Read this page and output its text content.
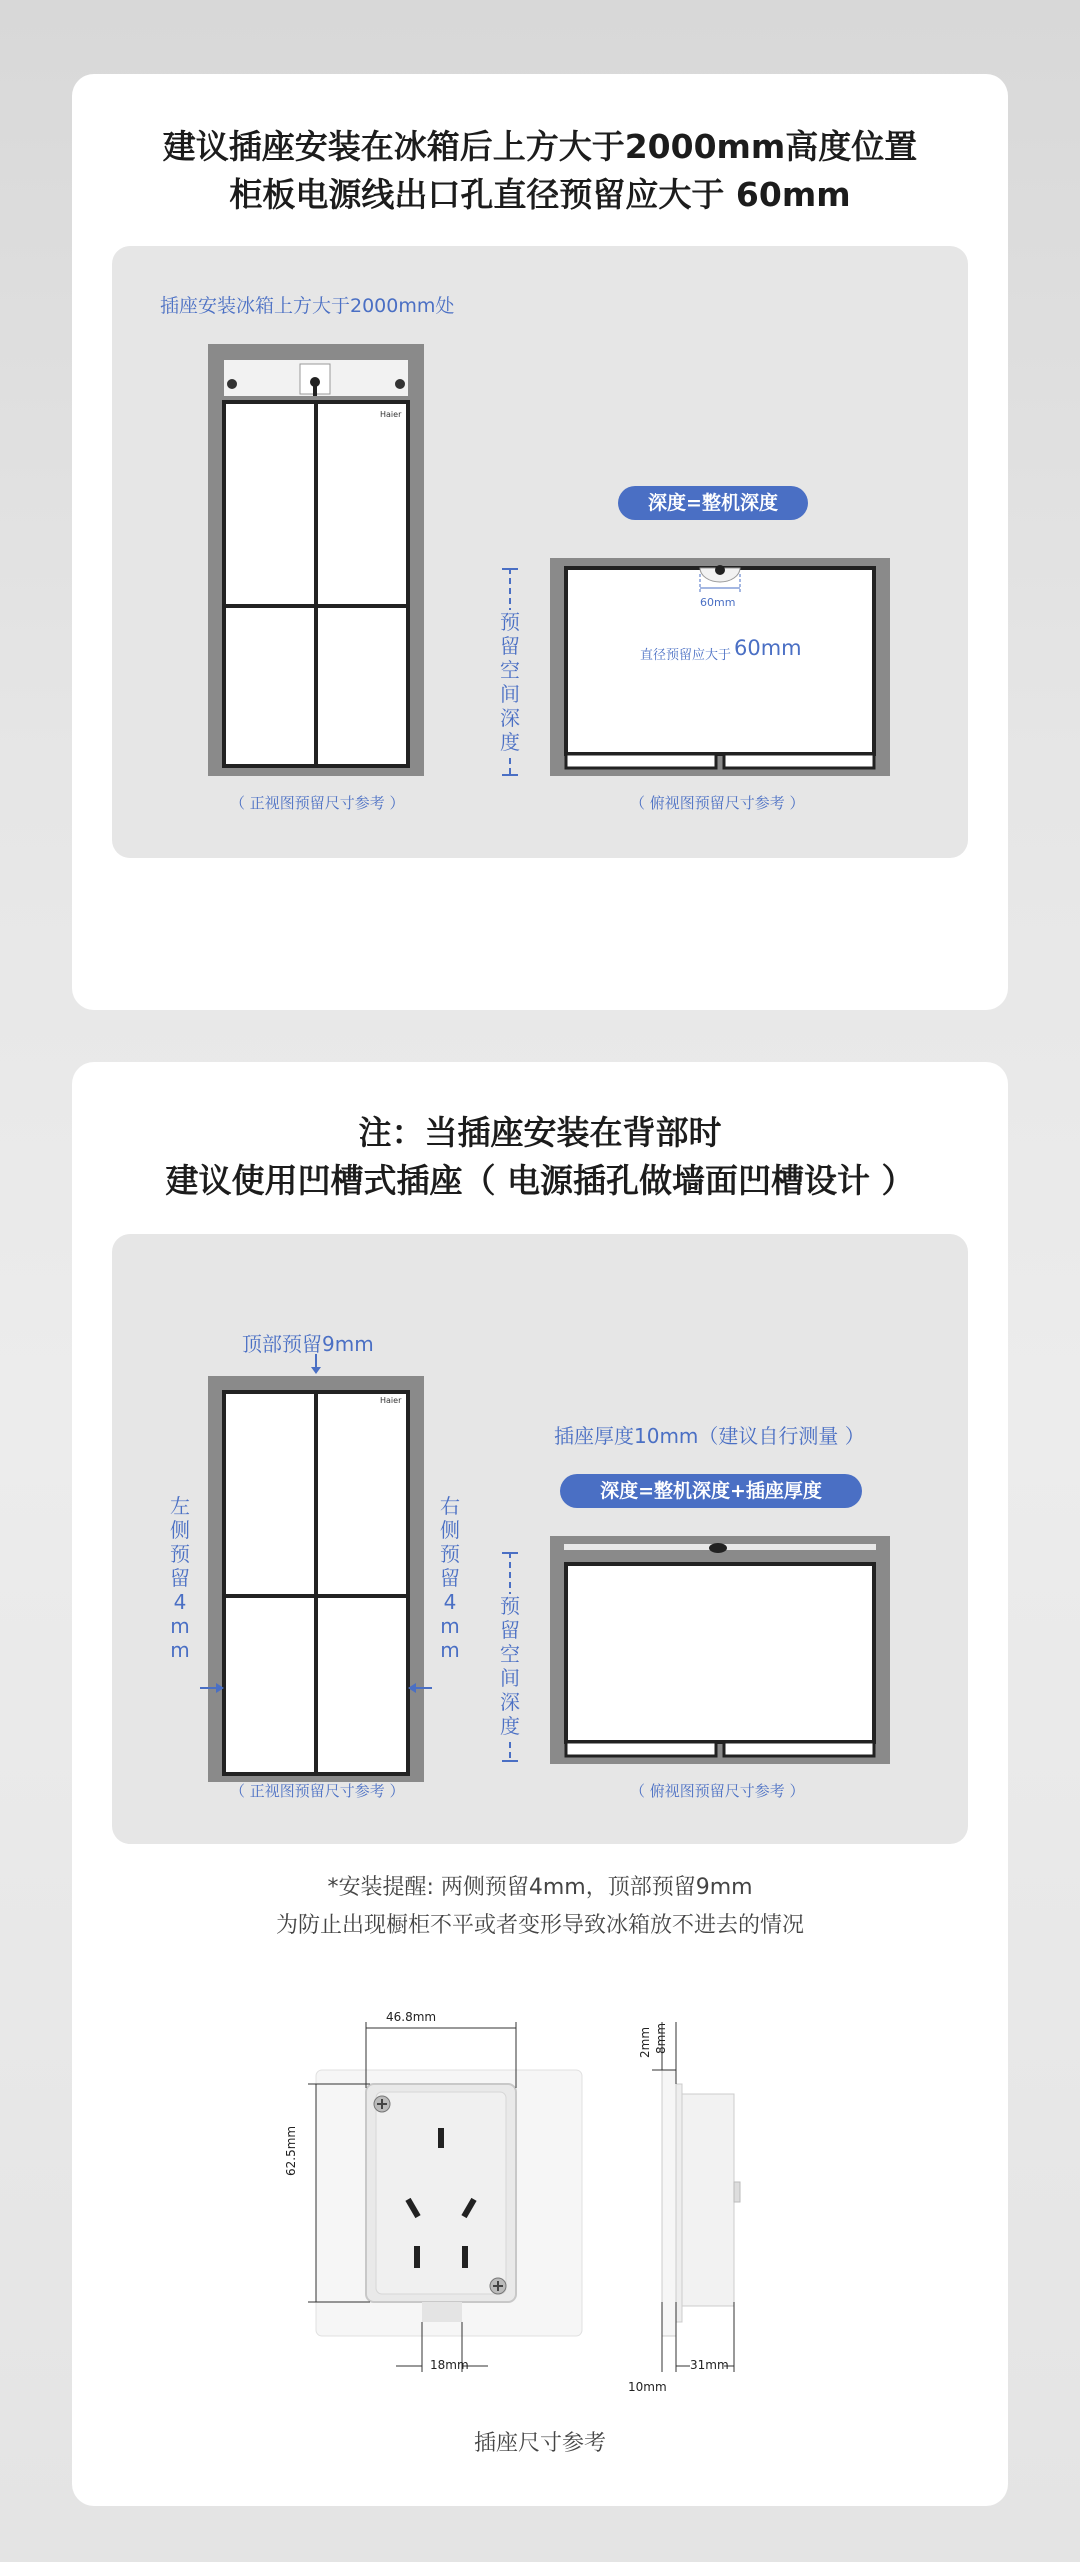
建议插座安装在冰箱后上方大于2000mm高度位置
柜板电源线出口孔直径预留应大于 60mm
插座安装冰箱上方大于2000mm处
Haier
深度=整机深度
60mm
直径预留应大于 60mm
预留空间深度
（ 正视图预留尺寸参考 ）	（ 俯视图预留尺寸参考 ）
注：当插座安装在背部时
建议使用凹槽式插座（ 电源插孔做墙面凹槽设计 ）
顶部预留9mm
Haier
左侧预留4mm
右侧预留4mm
插座厚度10mm（建议自行测量 ）
深度=整机深度+插座厚度
预留空间深度
（ 正视图预留尺寸参考 ）	（ 俯视图预留尺寸参考 ）
*安装提醒: 两侧预留4mm，顶部预留9mm
为防止出现橱柜不平或者变形导致冰箱放不进去的情况
46.8mm
62.5mm
18mm
2mm 8mm
31mm
10mm
插座尺寸参考
